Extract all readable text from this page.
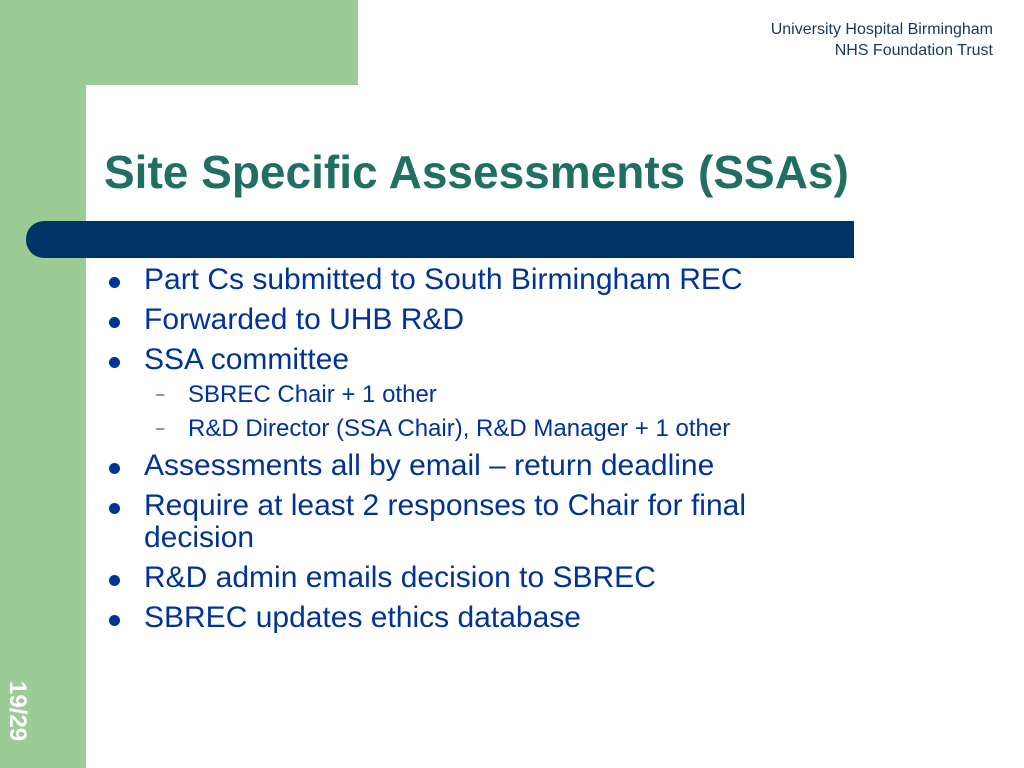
University Hospital Birmingham
NHS Foundation Trust
Site Specific Assessments (SSAs)
Part Cs submitted to South Birmingham REC
Forwarded to UHB R&D
SSA committee
– SBREC Chair + 1 other
– R&D Director (SSA Chair), R&D Manager + 1 other
Assessments all by email – return deadline
Require at least 2 responses to Chair for final decision
R&D admin emails decision to SBREC
SBREC updates ethics database
19/29
